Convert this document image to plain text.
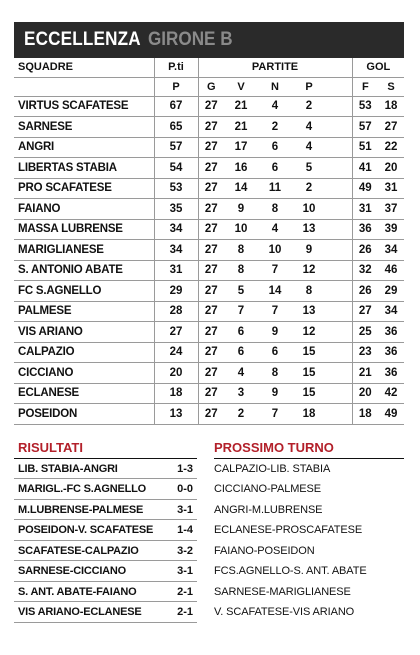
ECCELLENZA GIRONE B
SQUADRE	P.ti	PARTITE					GOL	
	P	G	V	N	P		F	S
VIRTUS SCAFATESE	67	27	21	4	2		53	18
SARNESE	65	27	21	2	4		57	27
ANGRI	57	27	17	6	4		51	22
LIBERTAS STABIA	54	27	16	6	5		41	20
PRO SCAFATESE	53	27	14	11	2		49	31
FAIANO	35	27	9	8	10		31	37
MASSA LUBRENSE	34	27	10	4	13		36	39
MARIGLIANESE	34	27	8	10	9		26	34
S. ANTONIO ABATE	31	27	8	7	12		32	46
FC S.AGNELLO	29	27	5	14	8		26	29
PALMESE	28	27	7	7	13		27	34
VIS ARIANO	27	27	6	9	12		25	36
CALPAZIO	24	27	6	6	15		23	36
CICCIANO	20	27	4	8	15		21	36
ECLANESE	18	27	3	9	15		20	42
POSEIDON	13	27	2	7	18		18	49
RISULTATI
LIB. STABIA-ANGRI	1-3
MARIGL.-FC S.AGNELLO	0-0
M.LUBRENSE-PALMESE	3-1
POSEIDON-V. SCAFATESE 1-4
SCAFATESE-CALPAZIO	3-2
SARNESE-CICCIANO	3-1
S. ANT. ABATE-FAIANO	2-1
VIS ARIANO-ECLANESE	2-1
PROSSIMO TURNO
CALPAZIO-LIB. STABIA
CICCIANO-PALMESE
ANGRI-M.LUBRENSE
ECLANESE-PROSCAFATESE
FAIANO-POSEIDON
FCS.AGNELLO-S. ANT. ABATE
SARNESE-MARIGLIANESE
V. SCAFATESE-VIS ARIANO
